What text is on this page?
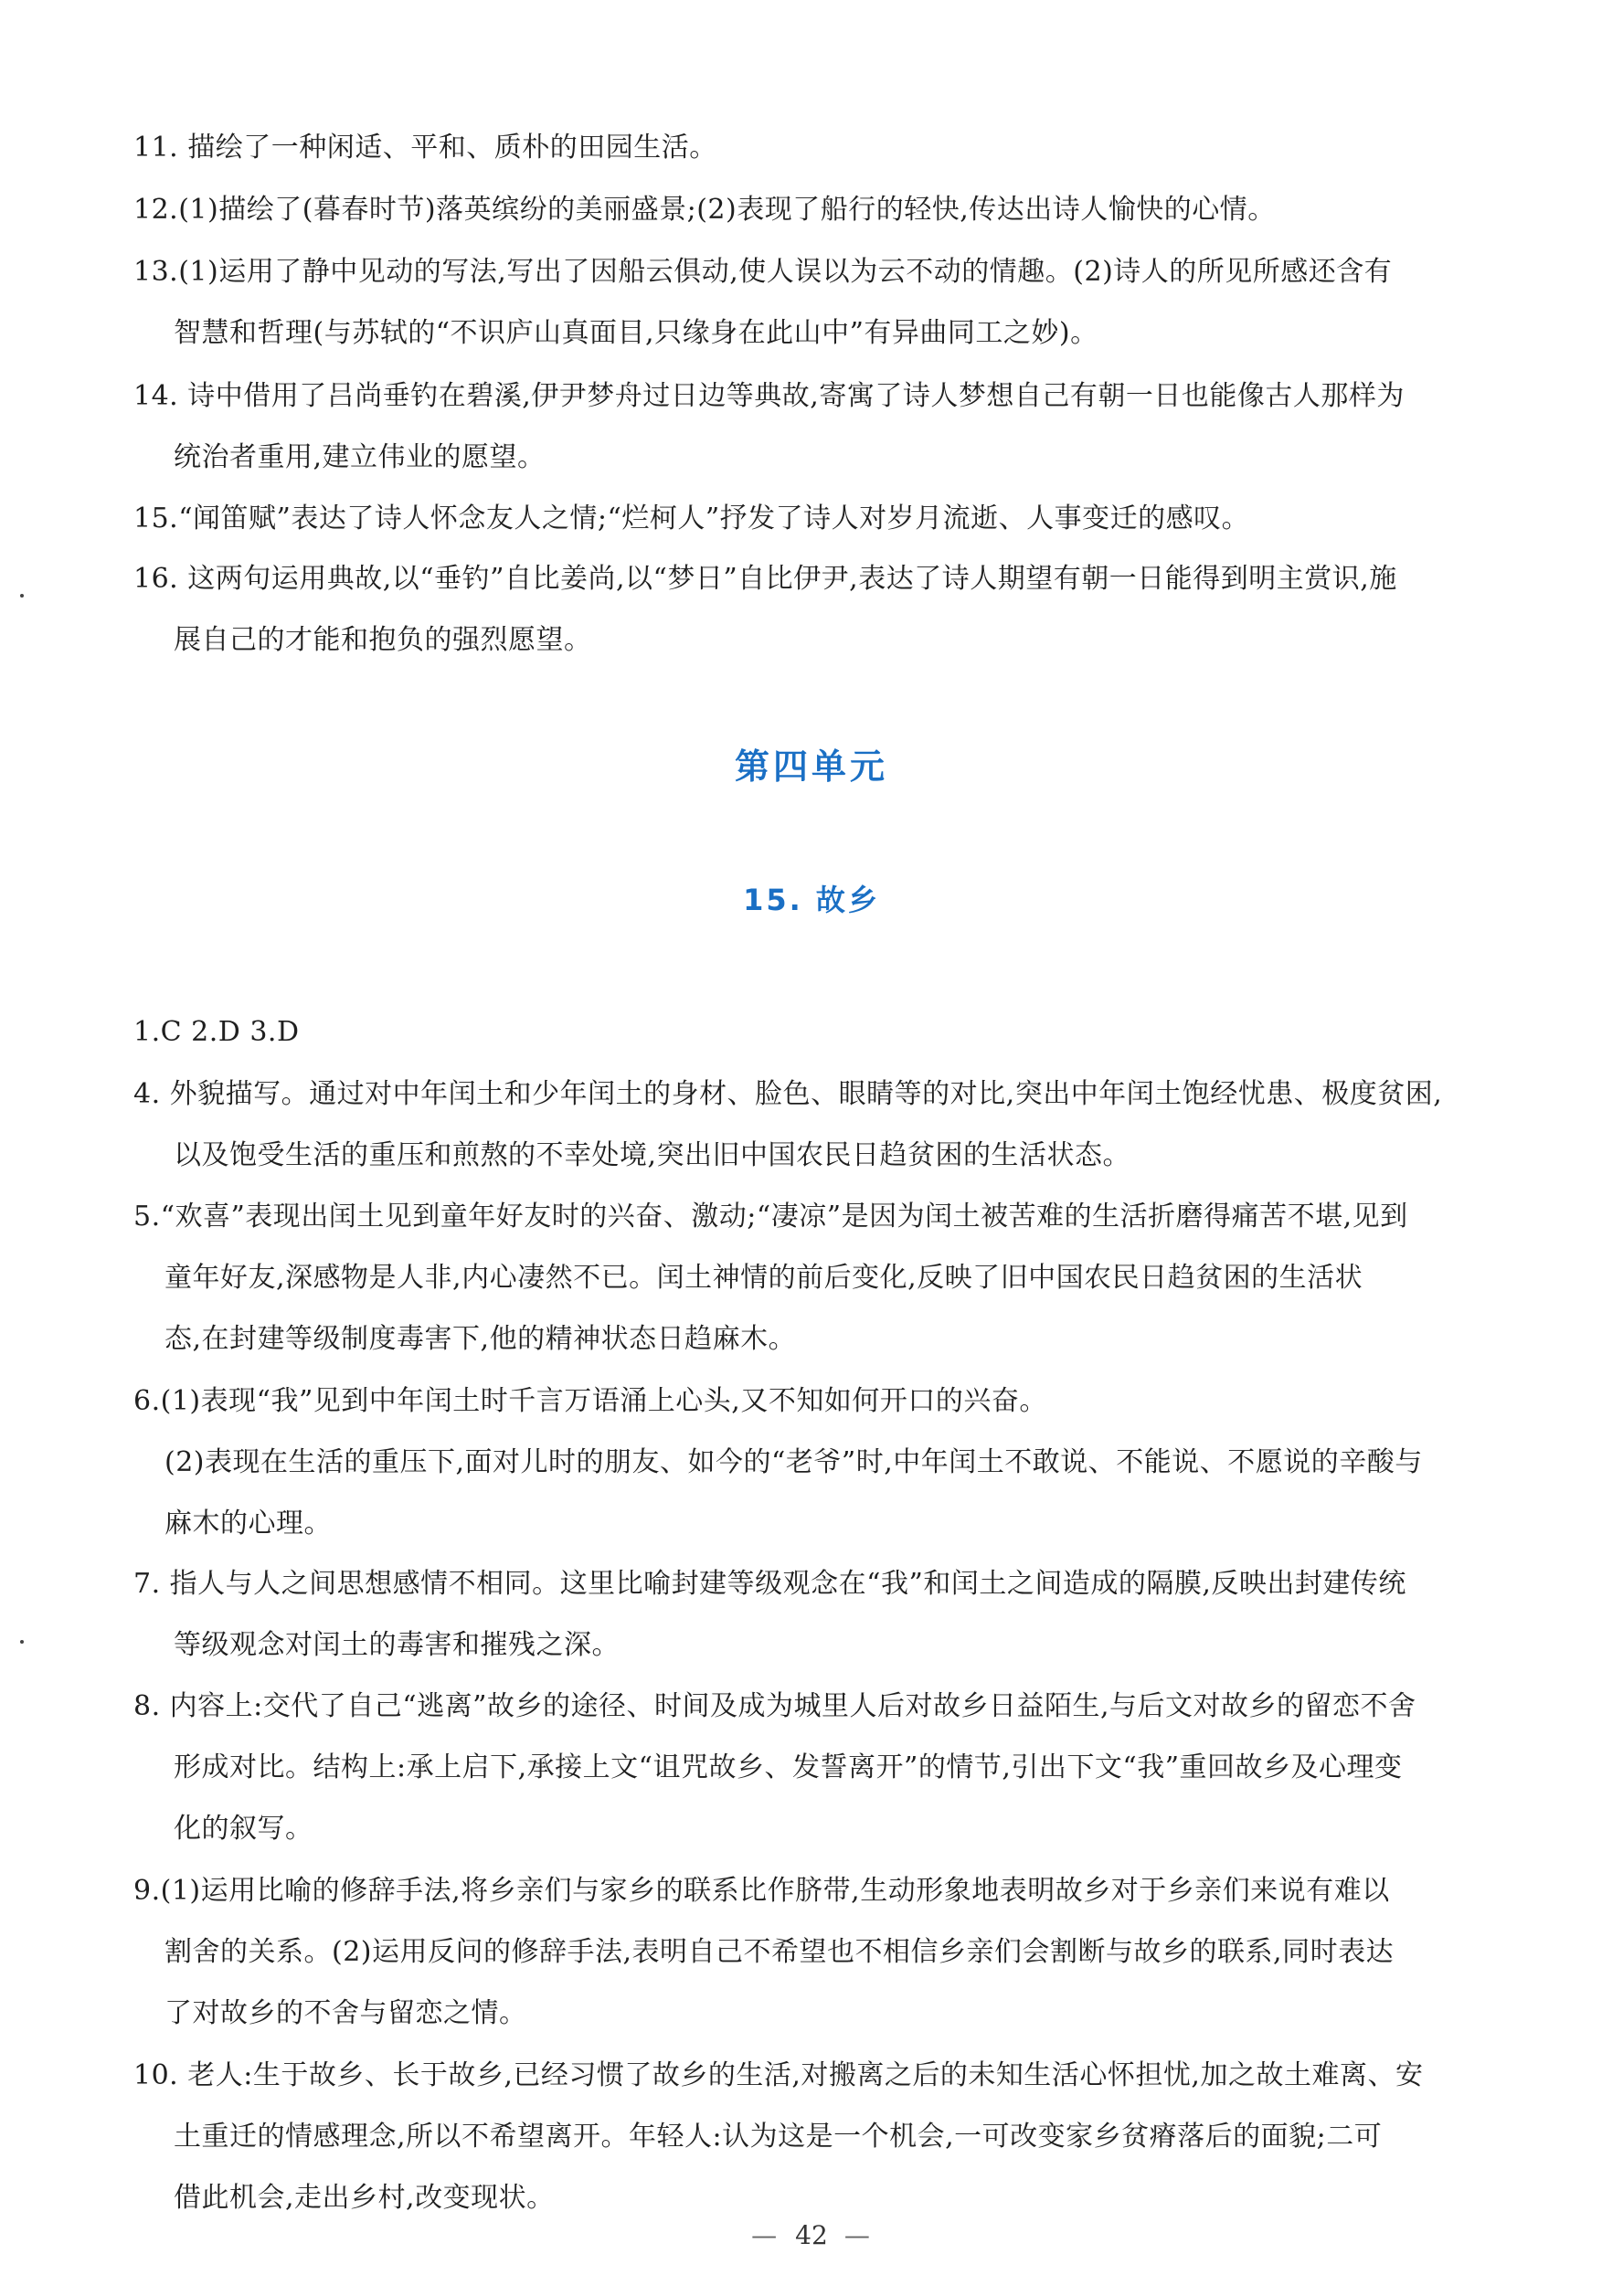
11. 描绘了一种闲适、平和、质朴的田园生活。
12.(1)描绘了(暮春时节)落英缤纷的美丽盛景;(2)表现了船行的轻快,传达出诗人愉快的心情。
13.(1)运用了静中见动的写法,写出了因船云俱动,使人误以为云不动的情趣。(2)诗人的所见所感还含有
智慧和哲理(与苏轼的“不识庐山真面目,只缘身在此山中”有异曲同工之妙)。
14. 诗中借用了吕尚垂钓在碧溪,伊尹梦舟过日边等典故,寄寓了诗人梦想自己有朝一日也能像古人那样为
统治者重用,建立伟业的愿望。
15.“闻笛赋”表达了诗人怀念友人之情;“烂柯人”抒发了诗人对岁月流逝、人事变迁的感叹。
16. 这两句运用典故,以“垂钓”自比姜尚,以“梦日”自比伊尹,表达了诗人期望有朝一日能得到明主赏识,施
展自己的才能和抱负的强烈愿望。
第四单元
15. 故乡
1.C 2.D 3.D
4. 外貌描写。通过对中年闰土和少年闰土的身材、脸色、眼睛等的对比,突出中年闰土饱经忧患、极度贫困,
以及饱受生活的重压和煎熬的不幸处境,突出旧中国农民日趋贫困的生活状态。
5.“欢喜”表现出闰土见到童年好友时的兴奋、激动;“凄凉”是因为闰土被苦难的生活折磨得痛苦不堪,见到
童年好友,深感物是人非,内心凄然不已。闰土神情的前后变化,反映了旧中国农民日趋贫困的生活状
态,在封建等级制度毒害下,他的精神状态日趋麻木。
6.(1)表现“我”见到中年闰土时千言万语涌上心头,又不知如何开口的兴奋。
(2)表现在生活的重压下,面对儿时的朋友、如今的“老爷”时,中年闰土不敢说、不能说、不愿说的辛酸与
麻木的心理。
7. 指人与人之间思想感情不相同。这里比喻封建等级观念在“我”和闰土之间造成的隔膜,反映出封建传统
等级观念对闰土的毒害和摧残之深。
8. 内容上:交代了自己“逃离”故乡的途径、时间及成为城里人后对故乡日益陌生,与后文对故乡的留恋不舍
形成对比。结构上:承上启下,承接上文“诅咒故乡、发誓离开”的情节,引出下文“我”重回故乡及心理变
化的叙写。
9.(1)运用比喻的修辞手法,将乡亲们与家乡的联系比作脐带,生动形象地表明故乡对于乡亲们来说有难以
割舍的关系。(2)运用反问的修辞手法,表明自己不希望也不相信乡亲们会割断与故乡的联系,同时表达
了对故乡的不舍与留恋之情。
10. 老人:生于故乡、长于故乡,已经习惯了故乡的生活,对搬离之后的未知生活心怀担忧,加之故土难离、安
土重迁的情感理念,所以不希望离开。年轻人:认为这是一个机会,一可改变家乡贫瘠落后的面貌;二可
借此机会,走出乡村,改变现状。
— 42 —
